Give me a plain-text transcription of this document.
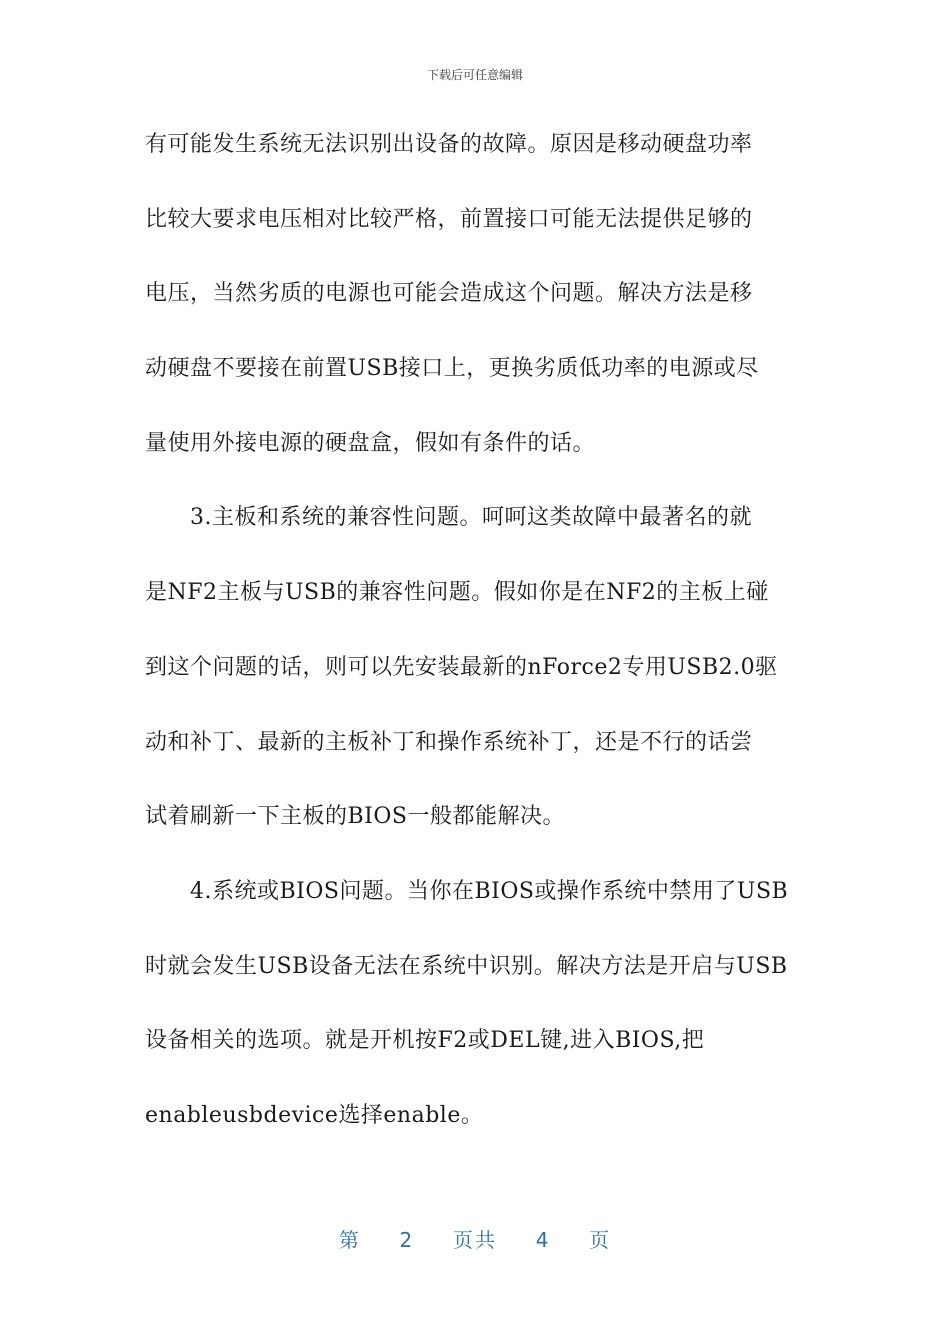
下载后可任意编辑
有可能发生系统无法识别出设备的故障。原因是移动硬盘功率
比较大要求电压相对比较严格，前置接口可能无法提供足够的
电压，当然劣质的电源也可能会造成这个问题。解决方法是移
动硬盘不要接在前置USB接口上，更换劣质低功率的电源或尽
量使用外接电源的硬盘盒，假如有条件的话。
3.主板和系统的兼容性问题。呵呵这类故障中最著名的就
是NF2主板与USB的兼容性问题。假如你是在NF2的主板上碰
到这个问题的话，则可以先安装最新的nForce2专用USB2.0驱
动和补丁、最新的主板补丁和操作系统补丁，还是不行的话尝
试着刷新一下主板的BIOS一般都能解决。
4.系统或BIOS问题。当你在BIOS或操作系统中禁用了USB
时就会发生USB设备无法在系统中识别。解决方法是开启与USB
设备相关的选项。就是开机按F2或DEL键,进入BIOS,把
enableusbdevice选择enable。
第 2 页共 4 页
